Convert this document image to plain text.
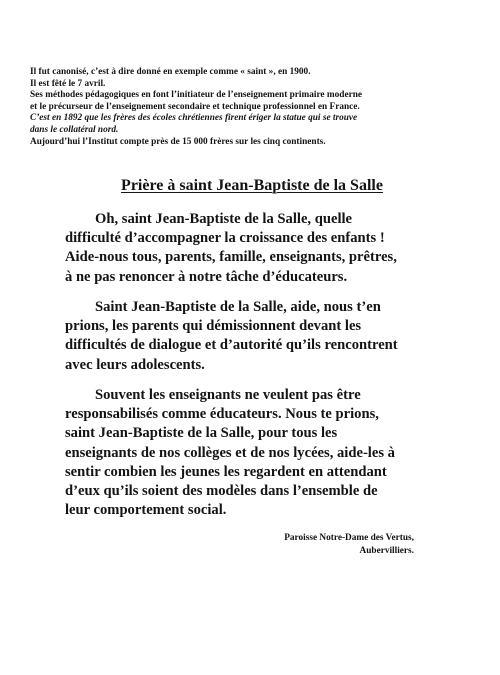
Il fut canonisé, c’est à dire donné en exemple comme « saint », en 1900.
Il est fêté le 7 avril.
Ses méthodes pédagogiques en font l’initiateur de l’enseignement primaire moderne
et le précurseur de l’enseignement secondaire et technique professionnel en France.
C’est en 1892 que les frères des écoles chrétiennes firent ériger la statue qui se trouve
dans le collatéral nord.
Aujourd’hui l’Institut compte près de 15 000 frères sur les cinq continents.
Prière à saint Jean-Baptiste de la Salle
Oh, saint Jean-Baptiste de la Salle, quelle
difficulté d’accompagner la croissance des enfants !
Aide-nous tous, parents, famille, enseignants, prêtres,
à ne pas renoncer à notre tâche d’éducateurs.
Saint Jean-Baptiste de la Salle, aide, nous t’en
prions, les parents qui démissionnent devant les
difficultés de dialogue et d’autorité qu’ils rencontrent
avec leurs adolescents.
Souvent les enseignants ne veulent pas être
responsabilisés comme éducateurs. Nous te prions,
saint Jean-Baptiste de la Salle, pour tous les
enseignants de nos collèges et de nos lycées, aide-les à
sentir combien les jeunes les regardent en attendant
d’eux qu’ils soient des modèles dans l’ensemble de
leur comportement social.
Paroisse Notre-Dame des Vertus,
Aubervilliers.
